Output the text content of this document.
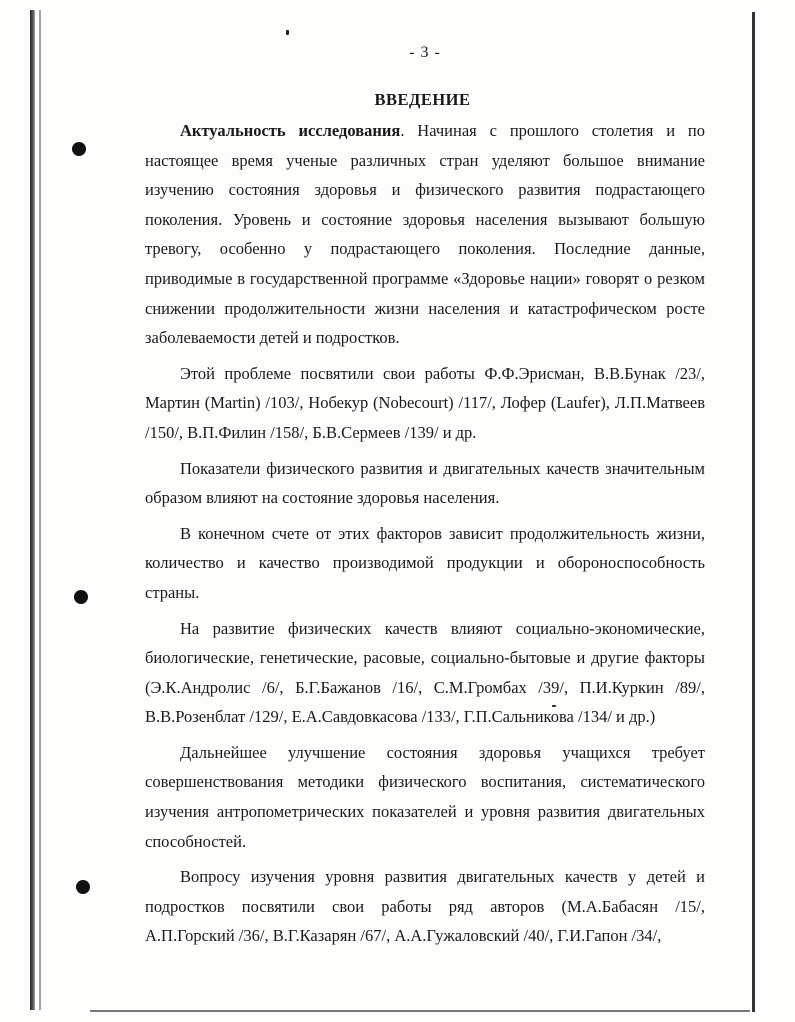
- 3 -
ВВЕДЕНИЕ

Актуальность исследования. Начиная с прошлого столетия и по настоящее время ученые различных стран уделяют большое внимание изучению состояния здоровья и физического развития подрастающего поколения. Уровень и состояние здоровья населения вызывают большую тревогу, особенно у подрастающего поколения. Последние данные, приводимые в государственной программе «Здоровье нации» говорят о резком снижении продолжительности жизни населения и катастрофическом росте заболеваемости детей и подростков.

Этой проблеме посвятили свои работы Ф.Ф.Эрисман, В.В.Бунак /23/, Мартин (Martin) /103/, Нобекур (Nobecourt) /117/, Лофер (Laufer), Л.П.Матвеев /150/, В.П.Филин /158/, Б.В.Сермеев /139/ и др.

Показатели физического развития и двигательных качеств значительным образом влияют на состояние здоровья населения.

В конечном счете от этих факторов зависит продолжительность жизни, количество и качество производимой продукции и обороноспособность страны.

На развитие физических качеств влияют социально-экономические, биологические, генетические, расовые, социально-бытовые и другие факторы (Э.К.Андролис /6/, Б.Г.Бажанов /16/, С.М.Громбах /39/, П.И.Куркин /89/, В.В.Розенблат /129/, Е.А.Савдовкасова /133/, Г.П.Сальникова /134/ и др.)

Дальнейшее улучшение состояния здоровья учащихся требует совершенствования методики физического воспитания, систематического изучения антропометрических показателей и уровня развития двигательных способностей.

Вопросу изучения уровня развития двигательных качеств у детей и подростков посвятили свои работы ряд авторов (М.А.Бабасян /15/, А.П.Горский /36/, В.Г.Казарян /67/, А.А.Гужаловский /40/, Г.И.Гапон /34/,
